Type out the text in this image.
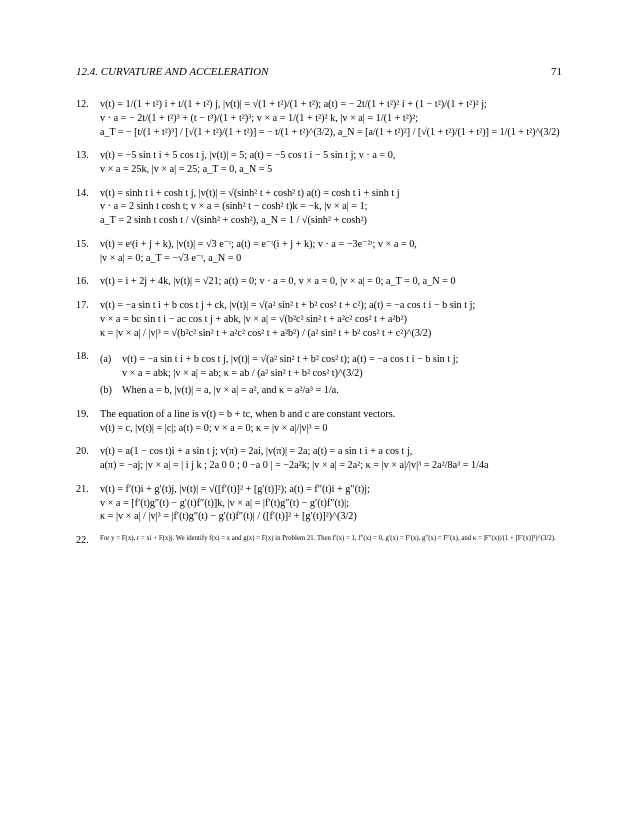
12.4. CURVATURE AND ACCELERATION	71
12.	v(t) = 1/(1 + t²) i + t/(1 + t²) j, |v(t)| = √(1 + t²)/(1 + t²); a(t) = − 2t/(1 + t²)² i + (1 − t²)/(1 + t²)² j;
v · a = − 2t/(1 + t²)³ + (t − t³)/(1 + t²)³; v × a = 1/(1 + t²)² k, |v × a| = 1/(1 + t²)²;
a_T = − [t/(1 + t²)³] / [√(1 + t²)/(1 + t²)] = − t/(1 + t²)^(3/2), a_N = [a/(1 + t²)²] / [√(1 + t²)/(1 + t²)] = 1/(1 + t²)^(3/2)
13.	v(t) = −5 sin t i + 5 cos t j, |v(t)| = 5; a(t) = −5 cos t i − 5 sin t j; v · a = 0,
v × a = 25k, |v × a| = 25; a_T = 0, a_N = 5
14.	v(t) = sinh t i + cosh t j, |v(t)| = √(sinh² t + cosh² t) a(t) = cosh t i + sinh t j
v · a = 2 sinh t cosh t; v × a = (sinh² t − cosh² t)k = −k, |v × a| = 1;
a_T = 2 sinh t cosh t / √(sinh² + cosh²), a_N = 1 / √(sinh² + cosh²)
15.	v(t) = eᵗ(i + j + k), |v(t)| = √3 e⁻ᵗ; a(t) = e⁻ᵗ(i + j + k); v · a = −3e⁻²ᵗ; v × a = 0,
|v × a| = 0; a_T = −√3 e⁻ᵗ, a_N = 0
16.	v(t) = i + 2j + 4k, |v(t)| = √21; a(t) = 0; v · a = 0, v × a = 0, |v × a| = 0; a_T = 0, a_N = 0
17.	v(t) = −a sin t i + b cos t j + ck, |v(t)| = √(a² sin² t + b² cos² t + c²); a(t) = −a cos t i − b sin t j;
v × a = bc sin t i − ac cos t j + abk, |v × a| = √(b²c² sin² t + a²c² cos² t + a²b²)
κ = |v × a| / |v|³ = √(b²c² sin² t + a²c² cos² t + a²b²) / (a² sin² t + b² cos² t + c²)^(3/2)
18.	(a)	v(t) = −a sin t i + b cos t j, |v(t)| = √(a² sin² t + b² cos² t); a(t) = −a cos t i − b sin t j;
v × a = abk; |v × a| = ab; κ = ab / (a² sin² t + b² cos² t)^(3/2)
(b) When a = b, |v(t)| = a, |v × a| = a², and κ = a²/a³ = 1/a.
19.	The equation of a line is v(t) = b + tc, when b and c are constant vectors.
v(t) = c, |v(t)| = |c|; a(t) = 0; v × a = 0; κ = |v × a|/|v|³ = 0
20.	v(t) = a(1 − cos t)i + a sin t j; v(π) = 2ai, |v(π)| = 2a; a(t) = a sin t i + a cos t j,
a(π) = −aj; |v × a| = | i j k ; 2a 0 0 ; 0 −a 0 | = −2a²k; |v × a| = 2a²; κ = |v × a|/|v|³ = 2a²/8a³ = 1/4a
21.	v(t) = f′(t)i + g′(t)j, |v(t)| = √([f′(t)]² + [g′(t)]²); a(t) = f″(t)i + g″(t)j;
v × a = [f′(t)g″(t) − g′(t)f″(t)]k, |v × a| = |f′(t)g″(t) − g′(t)f″(t)|;
κ = |v × a| / |v|³ = |f′(t)g″(t) − g′(t)f″(t)| / ([f′(t)]² + [g′(t)]²)^(3/2)
22.	For y = F(x), r = xi + F(x)j. We identify f(x) = x and g(x) = F(x) in Problem 21. Then f′(x) = 1, f″(x) = 0, g′(x) = F′(x), g″(x) = F″(x), and κ = |F″(x)|/(1 + [F′(x)]²)^(3/2).
